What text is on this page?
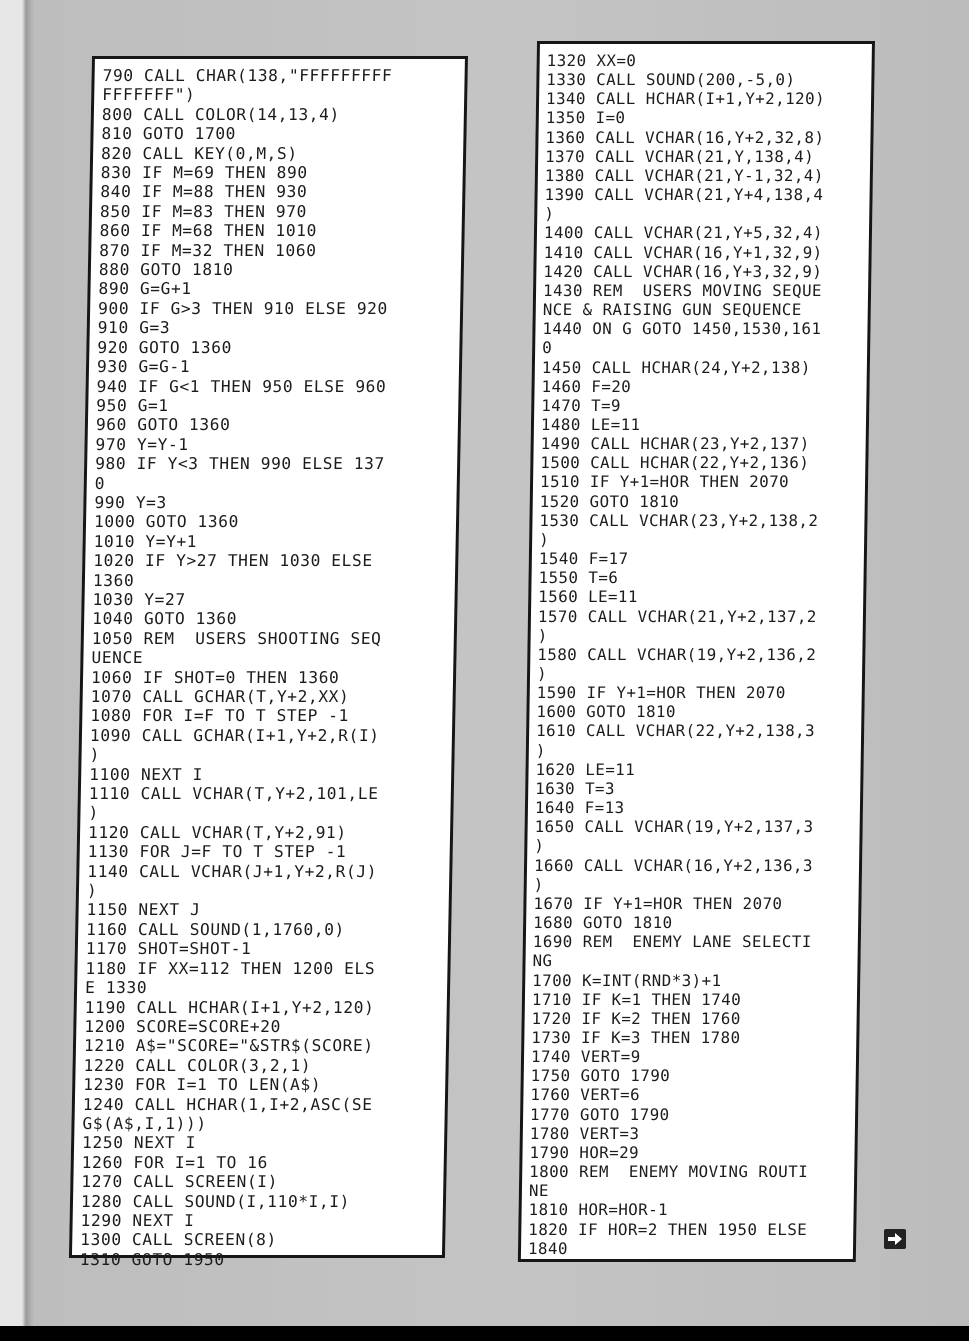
790 CALL CHAR(138,"FFFFFFFFF
FFFFFFF")
800 CALL COLOR(14,13,4)
810 GOTO 1700
820 CALL KEY(0,M,S)
830 IF M=69 THEN 890
840 IF M=88 THEN 930
850 IF M=83 THEN 970
860 IF M=68 THEN 1010
870 IF M=32 THEN 1060
880 GOTO 1810
890 G=G+1
900 IF G>3 THEN 910 ELSE 920
910 G=3
920 GOTO 1360
930 G=G-1
940 IF G<1 THEN 950 ELSE 960
950 G=1
960 GOTO 1360
970 Y=Y-1
980 IF Y<3 THEN 990 ELSE 137
0
990 Y=3
1000 GOTO 1360
1010 Y=Y+1
1020 IF Y>27 THEN 1030 ELSE
1360
1030 Y=27
1040 GOTO 1360
1050 REM  USERS SHOOTING SEQ
UENCE
1060 IF SHOT=0 THEN 1360
1070 CALL GCHAR(T,Y+2,XX)
1080 FOR I=F TO T STEP -1
1090 CALL GCHAR(I+1,Y+2,R(I)
)
1100 NEXT I
1110 CALL VCHAR(T,Y+2,101,LE
)
1120 CALL VCHAR(T,Y+2,91)
1130 FOR J=F TO T STEP -1
1140 CALL VCHAR(J+1,Y+2,R(J)
)
1150 NEXT J
1160 CALL SOUND(1,1760,0)
1170 SHOT=SHOT-1
1180 IF XX=112 THEN 1200 ELS
E 1330
1190 CALL HCHAR(I+1,Y+2,120)
1200 SCORE=SCORE+20
1210 A$="SCORE="&STR$(SCORE)
1220 CALL COLOR(3,2,1)
1230 FOR I=1 TO LEN(A$)
1240 CALL HCHAR(1,I+2,ASC(SE
G$(A$,I,1)))
1250 NEXT I
1260 FOR I=1 TO 16
1270 CALL SCREEN(I)
1280 CALL SOUND(I,110*I,I)
1290 NEXT I
1300 CALL SCREEN(8)
1310 GOTO 1950
1320 XX=0
1330 CALL SOUND(200,-5,0)
1340 CALL HCHAR(I+1,Y+2,120)
1350 I=0
1360 CALL VCHAR(16,Y+2,32,8)
1370 CALL VCHAR(21,Y,138,4)
1380 CALL VCHAR(21,Y-1,32,4)
1390 CALL VCHAR(21,Y+4,138,4
)
1400 CALL VCHAR(21,Y+5,32,4)
1410 CALL VCHAR(16,Y+1,32,9)
1420 CALL VCHAR(16,Y+3,32,9)
1430 REM  USERS MOVING SEQUE
NCE & RAISING GUN SEQUENCE
1440 ON G GOTO 1450,1530,161
0
1450 CALL HCHAR(24,Y+2,138)
1460 F=20
1470 T=9
1480 LE=11
1490 CALL HCHAR(23,Y+2,137)
1500 CALL HCHAR(22,Y+2,136)
1510 IF Y+1=HOR THEN 2070
1520 GOTO 1810
1530 CALL VCHAR(23,Y+2,138,2
)
1540 F=17
1550 T=6
1560 LE=11
1570 CALL VCHAR(21,Y+2,137,2
)
1580 CALL VCHAR(19,Y+2,136,2
)
1590 IF Y+1=HOR THEN 2070
1600 GOTO 1810
1610 CALL VCHAR(22,Y+2,138,3
)
1620 LE=11
1630 T=3
1640 F=13
1650 CALL VCHAR(19,Y+2,137,3
)
1660 CALL VCHAR(16,Y+2,136,3
)
1670 IF Y+1=HOR THEN 2070
1680 GOTO 1810
1690 REM  ENEMY LANE SELECTI
NG
1700 K=INT(RND*3)+1
1710 IF K=1 THEN 1740
1720 IF K=2 THEN 1760
1730 IF K=3 THEN 1780
1740 VERT=9
1750 GOTO 1790
1760 VERT=6
1770 GOTO 1790
1780 VERT=3
1790 HOR=29
1800 REM  ENEMY MOVING ROUTI
NE
1810 HOR=HOR-1
1820 IF HOR=2 THEN 1950 ELSE
1840
